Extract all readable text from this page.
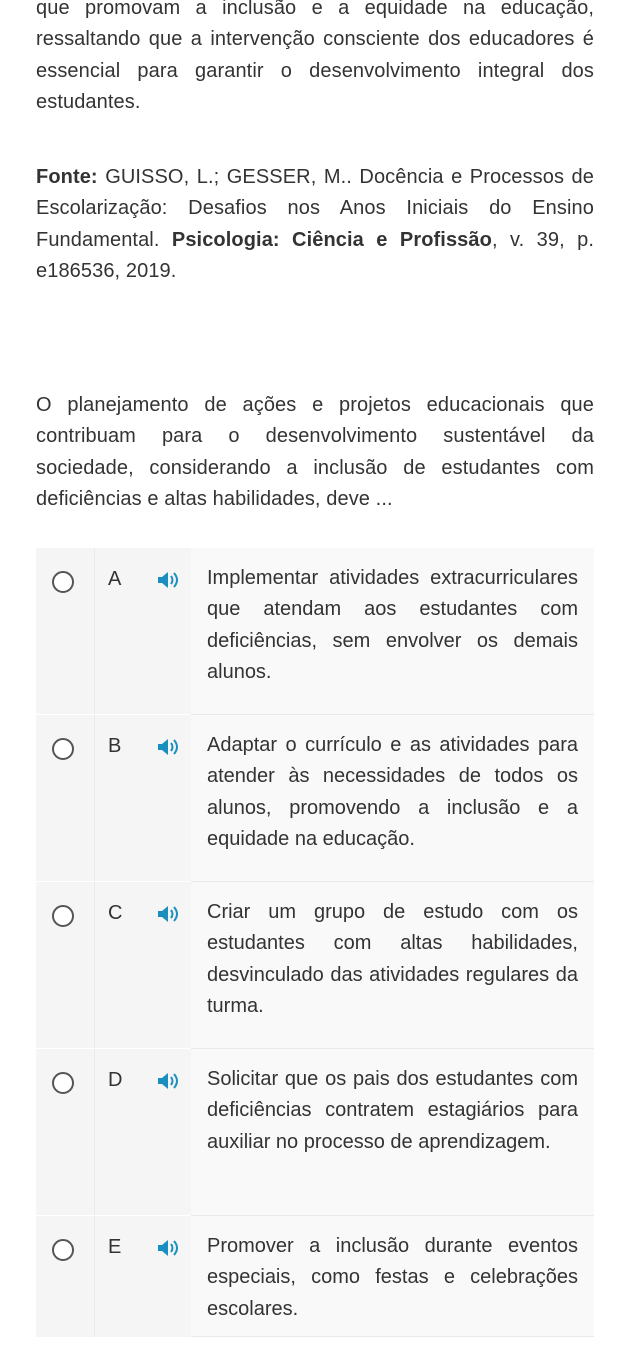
que promovam a inclusão e a equidade na educação, ressaltando que a intervenção consciente dos educadores é essencial para garantir o desenvolvimento integral dos estudantes.

Fonte: GUISSO, L.; GESSER, M.. Docência e Processos de Escolarização: Desafios nos Anos Iniciais do Ensino Fundamental. Psicologia: Ciência e Profissão, v. 39, p. e186536, 2019.

O planejamento de ações e projetos educacionais que contribuam para o desenvolvimento sustentável da sociedade, considerando a inclusão de estudantes com deficiências e altas habilidades, deve ...

A	Implementar atividades extracurriculares que atendam aos estudantes com deficiências, sem envolver os demais alunos.
B	Adaptar o currículo e as atividades para atender às necessidades de todos os alunos, promovendo a inclusão e a equidade na educação.
C	Criar um grupo de estudo com os estudantes com altas habilidades, desvinculado das atividades regulares da turma.
D	Solicitar que os pais dos estudantes com deficiências contratem estagiários para auxiliar no processo de aprendizagem.
E	Promover a inclusão durante eventos especiais, como festas e celebrações escolares.
